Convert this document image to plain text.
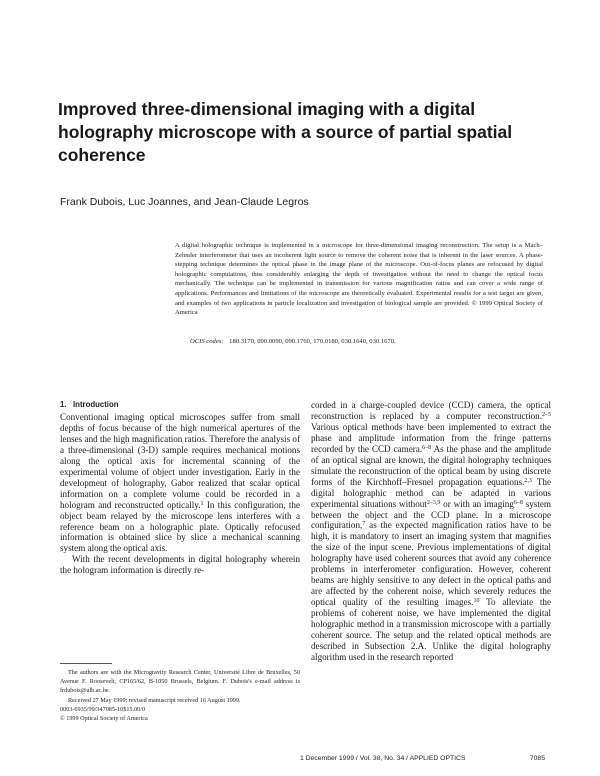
Improved three-dimensional imaging with a digital holography microscope with a source of partial spatial coherence
Frank Dubois, Luc Joannes, and Jean-Claude Legros
A digital holographic technique is implemented in a microscope for three-dimensional imaging reconstruction. The setup is a Mach–Zehnder interferometer that uses an incoherent light source to remove the coherent noise that is inherent in the laser sources. A phase-stepping technique determines the optical phase in the image plane of the microscope. Out-of-focus planes are refocused by digital holographic computations, thus considerably enlarging the depth of investigation without the need to change the optical focus mechanically. The technique can be implemented in transmission for various magnification ratios and can cover a wide range of applications. Performances and limitations of the microscope are theoretically evaluated. Experimental results for a test target are given, and examples of two applications in particle localization and investigation of biological sample are provided. © 1999 Optical Society of America
OCIS codes: 180.3170, 090.0090, 090.1760, 170.0180, 030.1640, 030.1670.
1. Introduction

Conventional imaging optical microscopes suffer from small depths of focus because of the high numerical apertures of the lenses and the high magnification ratios. Therefore the analysis of a three-dimensional (3-D) sample requires mechanical motions along the optical axis for incremental scanning of the experimental volume of object under investigation. Early in the development of holography, Gabor realized that scalar optical information on a complete volume could be recorded in a hologram and reconstructed optically.$^1$ In this configuration, the object beam relayed by the microscope lens interferes with a reference beam on a holographic plate. Optically refocused information is obtained slice by slice a mechanical scanning system along the optical axis.

With the recent developments in digital holography wherein the hologram information is directly re-

corded in a charge-coupled device (CCD) camera, the optical reconstruction is replaced by a computer reconstruction.$^{2-5}$ Various optical methods have been implemented to extract the phase and amplitude information from the fringe patterns recorded by the CCD camera.$^{6-8}$ As the phase and the amplitude of an optical signal are known, the digital holography techniques simulate the reconstruction of the optical beam by using discrete forms of the Kirchhoff–Fresnel propagation equations.$^{2,3}$ The digital holographic method can be adapted in various experimental situations without$^{2-3,9}$ or with an imaging$^{6-8}$ system between the object and the CCD plane. In a microscope configuration,$^7$ as the expected magnification ratios have to be high, it is mandatory to insert an imaging system that magnifies the size of the input scene. Previous implementations of digital holography have used coherent sources that avoid any coherence problems in interferometer configuration. However, coherent beams are highly sensitive to any defect in the optical paths and are affected by the coherent noise, which severely reduces the optical quality of the resulting images.$^{10}$ To alleviate the problems of coherent noise, we have implemented the digital holographic method in a transmission microscope with a partially coherent source. The setup and the related optical methods are described in Subsection 2.A. Unlike the digital holography algorithm used in the research reported

The authors are with the Microgravity Research Center, Université Libre de Bruxelles, 50 Avenue F. Roosevelt, CP165/62, B-1050 Brussels, Belgium. F. Dubois's e-mail address is frdubois@ulb.ac.be.
Received 27 May 1999; revised manuscript received 16 August 1999.
0003-6935/99/347085-10$15.00/0
© 1999 Optical Society of America
1 December 1999 / Vol. 38, No. 34 / APPLIED OPTICS	7085
